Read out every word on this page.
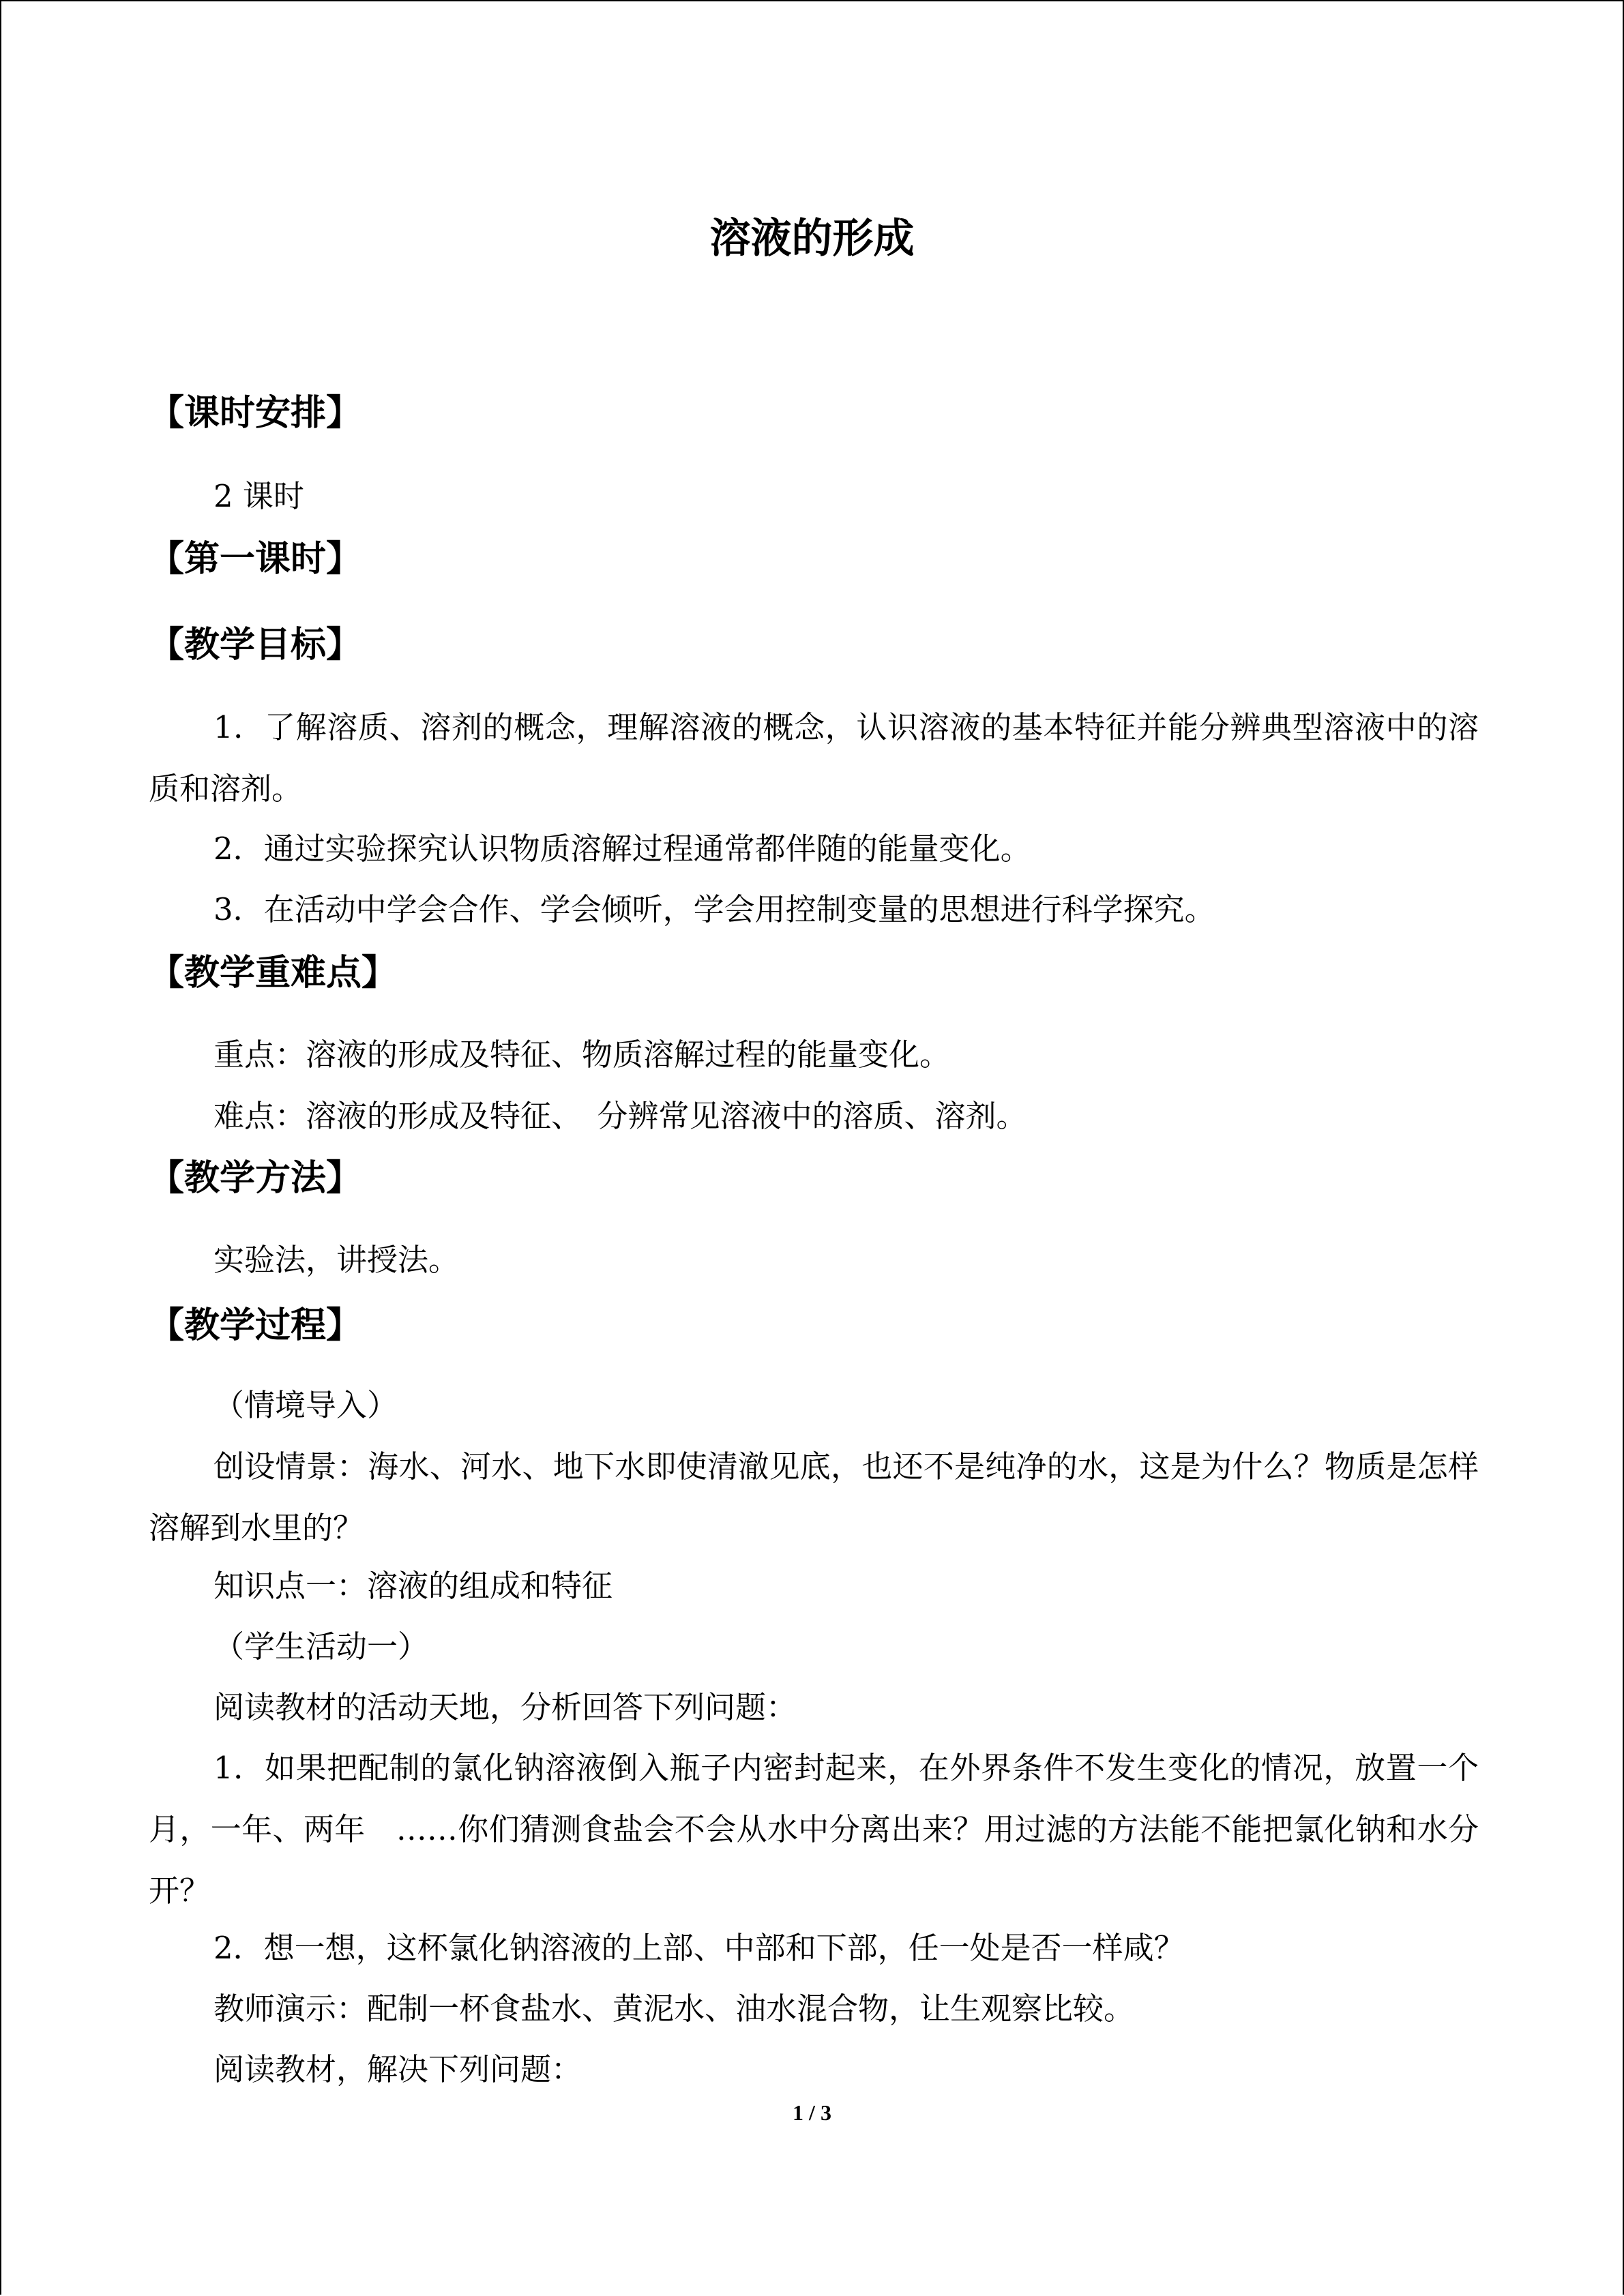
溶液的形成
【课时安排】
2 课时
【第一课时】
【教学目标】
1．了解溶质、溶剂的概念，理解溶液的概念，认识溶液的基本特征并能分辨典型溶液中的溶质和溶剂。
2．通过实验探究认识物质溶解过程通常都伴随的能量变化。
3．在活动中学会合作、学会倾听，学会用控制变量的思想进行科学探究。
【教学重难点】
重点：溶液的形成及特征、物质溶解过程的能量变化。
难点：溶液的形成及特征、　分辨常见溶液中的溶质、溶剂。
【教学方法】
实验法，讲授法。
【教学过程】
（情境导入）
创设情景：海水、河水、地下水即使清澈见底，也还不是纯净的水，这是为什么？物质是怎样溶解到水里的？
知识点一：溶液的组成和特征
（学生活动一）
阅读教材的活动天地，分析回答下列问题：
1．如果把配制的氯化钠溶液倒入瓶子内密封起来，在外界条件不发生变化的情况，放置一个月，一年、两年　……你们猜测食盐会不会从水中分离出来？用过滤的方法能不能把氯化钠和水分开？
2．想一想，这杯氯化钠溶液的上部、中部和下部，任一处是否一样咸？
教师演示：配制一杯食盐水、黄泥水、油水混合物，让生观察比较。
阅读教材，解决下列问题：
1 / 3
